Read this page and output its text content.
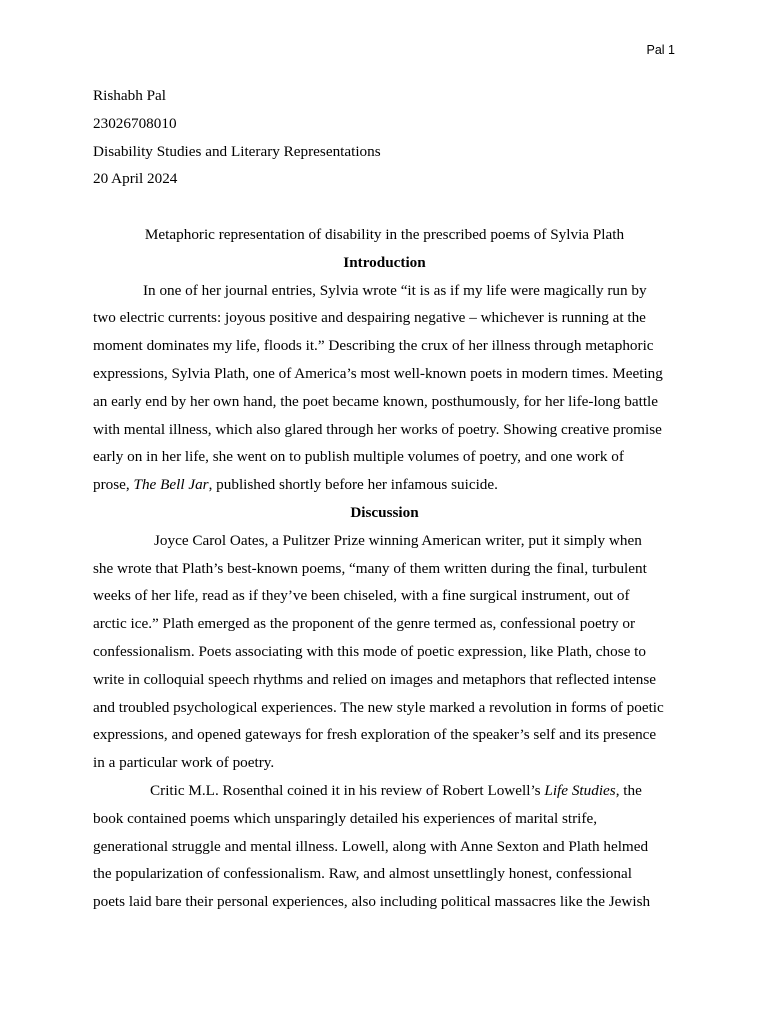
Pal 1
Rishabh Pal
23026708010
Disability Studies and Literary Representations
20 April 2024
Metaphoric representation of disability in the prescribed poems of Sylvia Plath
Introduction
In one of her journal entries, Sylvia wrote “it is as if my life were magically run by
two electric currents: joyous positive and despairing negative – whichever is running at the
moment dominates my life, floods it.” Describing the crux of her illness through metaphoric
expressions, Sylvia Plath, one of America’s most well-known poets in modern times. Meeting
an early end by her own hand, the poet became known, posthumously, for her life-long battle
with mental illness, which also glared through her works of poetry. Showing creative promise
early on in her life, she went on to publish multiple volumes of poetry, and one work of
prose, The Bell Jar, published shortly before her infamous suicide.
Discussion
Joyce Carol Oates, a Pulitzer Prize winning American writer, put it simply when
she wrote that Plath’s best-known poems, “many of them written during the final, turbulent
weeks of her life, read as if they’ve been chiseled, with a fine surgical instrument, out of
arctic ice.” Plath emerged as the proponent of the genre termed as, confessional poetry or
confessionalism. Poets associating with this mode of poetic expression, like Plath, chose to
write in colloquial speech rhythms and relied on images and metaphors that reflected intense
and troubled psychological experiences. The new style marked a revolution in forms of poetic
expressions, and opened gateways for fresh exploration of the speaker’s self and its presence
in a particular work of poetry.
Critic M.L. Rosenthal coined it in his review of Robert Lowell’s Life Studies, the
book contained poems which unsparingly detailed his experiences of marital strife,
generational struggle and mental illness. Lowell, along with Anne Sexton and Plath helmed
the popularization of confessionalism. Raw, and almost unsettlingly honest, confessional
poets laid bare their personal experiences, also including political massacres like the Jewish
